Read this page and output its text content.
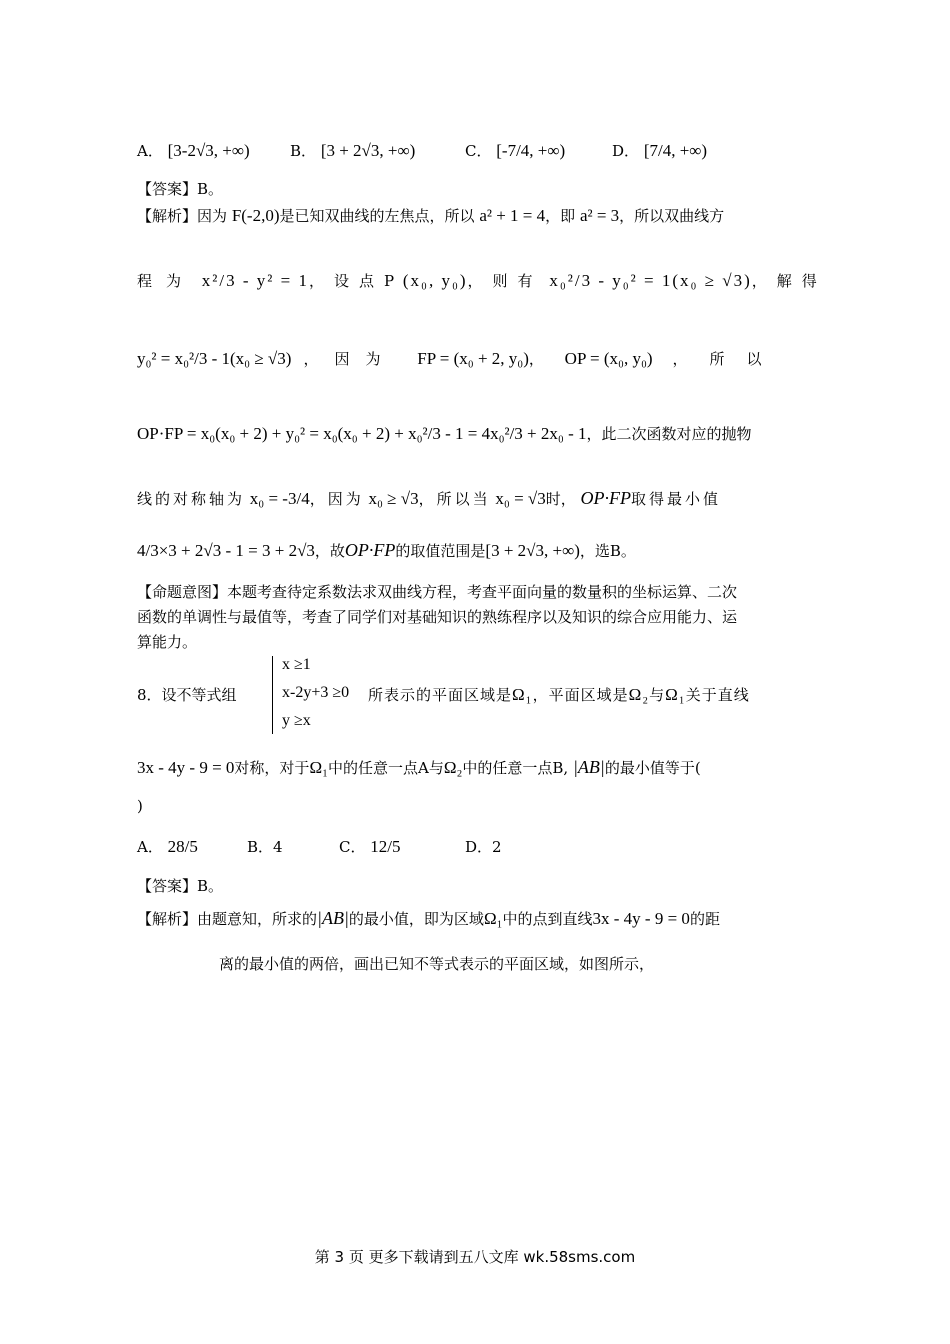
A． [3-2√3, +∞)	B． [3 + 2√3, +∞)	C． [-7/4, +∞)	D． [7/4, +∞)
【答案】B。
【解析】因为 F(-2,0)是已知双曲线的左焦点，所以 a² + 1 = 4，即 a² = 3，所以双曲线方
程为 x²/3 - y² = 1，设点P (x₀, y₀)，则有 x₀²/3 - y₀² = 1(x₀ ≥ √3)，解得
y₀² = x₀²/3 - 1(x₀ ≥ √3) ，因为 FP = (x₀ + 2, y₀)， OP = (x₀, y₀) ，所以
OP·FP = x₀(x₀ + 2) + y₀² = x₀(x₀ + 2) + x₀²/3 - 1 = 4x₀²/3 + 2x₀ - 1，此二次函数对应的抛物
线的对称轴为 x₀ = -3/4，因为 x₀ ≥ √3，所以当 x₀ = √3时， OP·FP取得最小值
4/3×3 + 2√3 - 1 = 3 + 2√3，故OP·FP的取值范围是[3 + 2√3, +∞)，选B。
【命题意图】本题考查待定系数法求双曲线方程，考查平面向量的数量积的坐标运算、二次
函数的单调性与最值等，考查了同学们对基础知识的熟练程序以及知识的综合应用能力、运
算能力。
8．设不等式组
x ≥1
x-2y+3 ≥0
y ≥x
所表示的平面区域是Ω₁，平面区域是Ω₂与Ω₁关于直线
3x - 4y - 9 = 0对称，对于Ω₁中的任意一点A与Ω₂中的任意一点B, |AB|的最小值等于(
)
A． 28/5	B．4	C． 12/5	D．2
【答案】B。
【解析】由题意知，所求的|AB|的最小值，即为区域Ω₁中的点到直线3x - 4y - 9 = 0的距
离的最小值的两倍，画出已知不等式表示的平面区域，如图所示，
第 3 页 更多下载请到五八文库 wk.58sms.com
